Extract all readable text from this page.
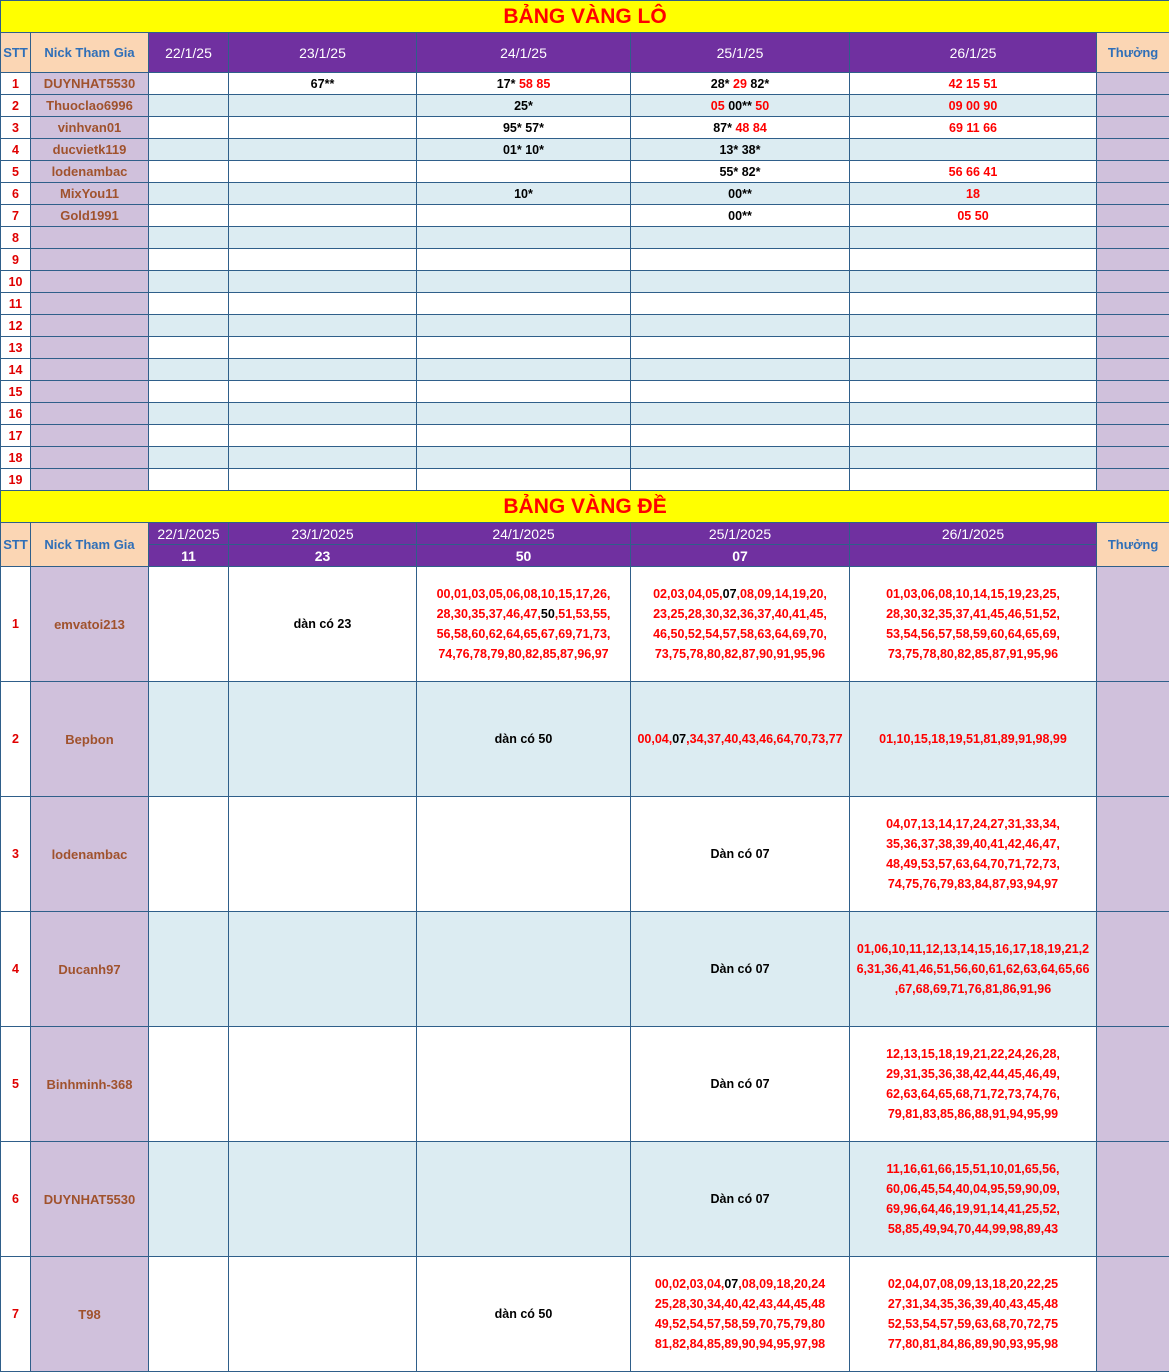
BẢNG VÀNG LÔ							
STT	Nick Tham Gia	22/1/25	23/1/25	24/1/25	25/1/25	26/1/25	Thưởng
1	DUYNHAT5530		67**	17* 58 85	28* 29 82*	42 15 51	
2	Thuoclao6996			25*	05 00** 50	09 00 90	
3	vinhvan01			95* 57*	87* 48 84	69 11 66	
4	ducvietk119			01* 10*	13* 38*		
5	lodenambac				55* 82*	56 66 41	
6	MixYou11			10*	00**	18	
7	Gold1991				00**	05 50	
8							
9							
10							
11							
12							
13							
14							
15							
16							
17							
18							
19							
BẢNG VÀNG ĐỀ							
STT	Nick Tham Gia	22/1/2025	23/1/2025	24/1/2025	25/1/2025	26/1/2025	Thưởng
		11	23	50	07		
1	emvatoi213		dàn có 23	00,01,03,05,06,08,10,15,17,26,
28,30,35,37,46,47,50,51,53,55,
56,58,60,62,64,65,67,69,71,73,
74,76,78,79,80,82,85,87,96,97	02,03,04,05,07,08,09,14,19,20,
23,25,28,30,32,36,37,40,41,45,
46,50,52,54,57,58,63,64,69,70,
73,75,78,80,82,87,90,91,95,96	01,03,06,08,10,14,15,19,23,25,
28,30,32,35,37,41,45,46,51,52,
53,54,56,57,58,59,60,64,65,69,
73,75,78,80,82,85,87,91,95,96	
2	Bepbon			dàn có 50	00,04,07,34,37,40,43,46,64,70,73,77	01,10,15,18,19,51,81,89,91,98,99	
3	lodenambac				Dàn có 07	04,07,13,14,17,24,27,31,33,34,
35,36,37,38,39,40,41,42,46,47,
48,49,53,57,63,64,70,71,72,73,
74,75,76,79,83,84,87,93,94,97	
4	Ducanh97				Dàn có 07	01,06,10,11,12,13,14,15,16,17,18,19,21,2
6,31,36,41,46,51,56,60,61,62,63,64,65,66
,67,68,69,71,76,81,86,91,96	
5	Binhminh-368				Dàn có 07	12,13,15,18,19,21,22,24,26,28,
29,31,35,36,38,42,44,45,46,49,
62,63,64,65,68,71,72,73,74,76,
79,81,83,85,86,88,91,94,95,99	
6	DUYNHAT5530				Dàn có 07	11,16,61,66,15,51,10,01,65,56,
60,06,45,54,40,04,95,59,90,09,
69,96,64,46,19,91,14,41,25,52,
58,85,49,94,70,44,99,98,89,43	
7	T98			dàn có 50	00,02,03,04,07,08,09,18,20,24
25,28,30,34,40,42,43,44,45,48
49,52,54,57,58,59,70,75,79,80
81,82,84,85,89,90,94,95,97,98	02,04,07,08,09,13,18,20,22,25
27,31,34,35,36,39,40,43,45,48
52,53,54,57,59,63,68,70,72,75
77,80,81,84,86,89,90,93,95,98	
